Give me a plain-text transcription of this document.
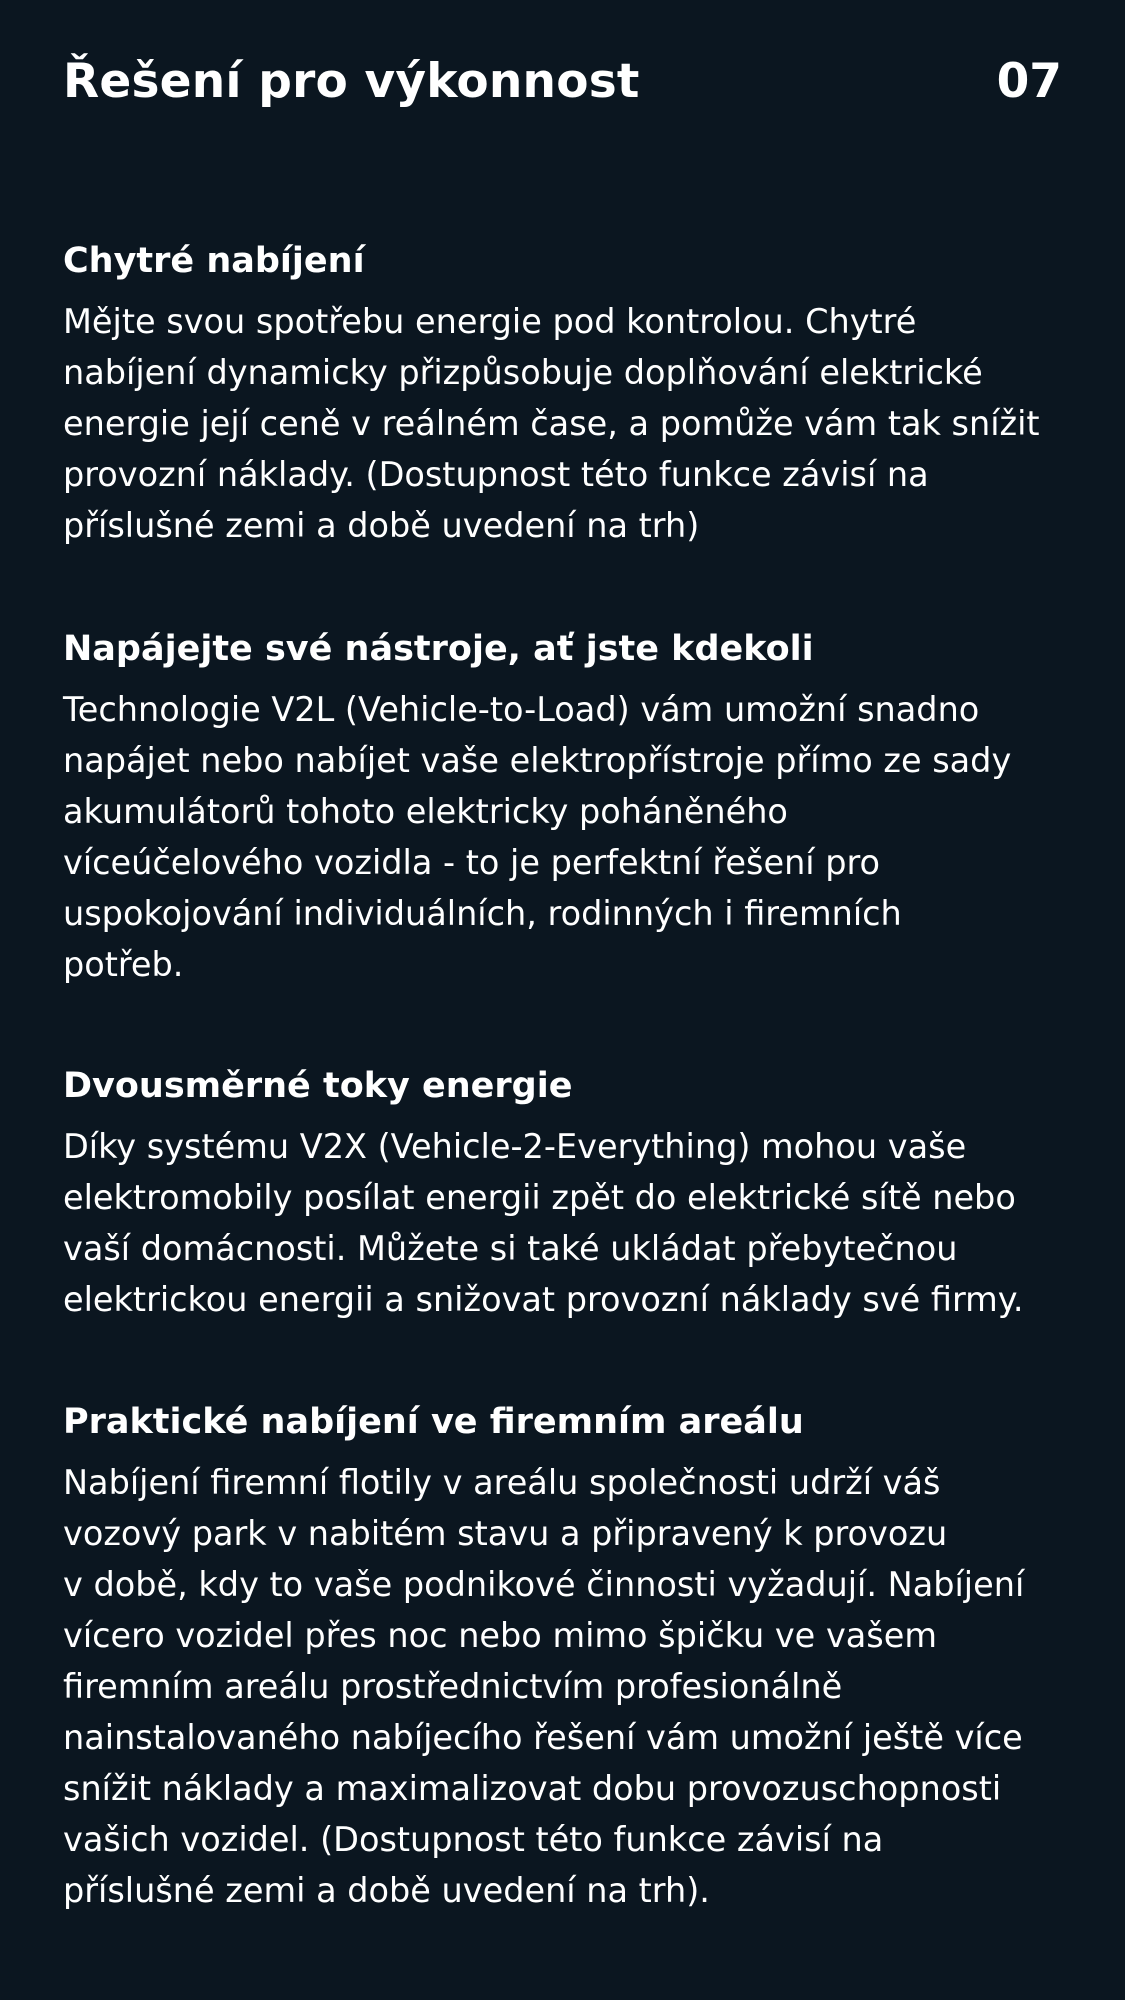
Řešení pro výkonnost	07
Chytré nabíjení

Mějte svou spotřebu energie pod kontrolou. Chytré
nabíjení dynamicky přizpůsobuje doplňování elektrické
energie její ceně v reálném čase, a pomůže vám tak snížit
provozní náklady. (Dostupnost této funkce závisí na
příslušné zemi a době uvedení na trh)

Napájejte své nástroje, ať jste kdekoli

Technologie V2L (Vehicle-to-Load) vám umožní snadno
napájet nebo nabíjet vaše elektropřístroje přímo ze sady
akumulátorů tohoto elektricky poháněného
víceúčelového vozidla - to je perfektní řešení pro
uspokojování individuálních, rodinných i firemních
potřeb.

Dvousměrné toky energie

Díky systému V2X (Vehicle-2-Everything) mohou vaše
elektromobily posílat energii zpět do elektrické sítě nebo
vaší domácnosti. Můžete si také ukládat přebytečnou
elektrickou energii a snižovat provozní náklady své firmy.

Praktické nabíjení ve firemním areálu

Nabíjení firemní flotily v areálu společnosti udrží váš
vozový park v nabitém stavu a připravený k provozu
v době, kdy to vaše podnikové činnosti vyžadují. Nabíjení
vícero vozidel přes noc nebo mimo špičku ve vašem
firemním areálu prostřednictvím profesionálně
nainstalovaného nabíjecího řešení vám umožní ještě více
snížit náklady a maximalizovat dobu provozuschopnosti
vašich vozidel. (Dostupnost této funkce závisí na
příslušné zemi a době uvedení na trh).
